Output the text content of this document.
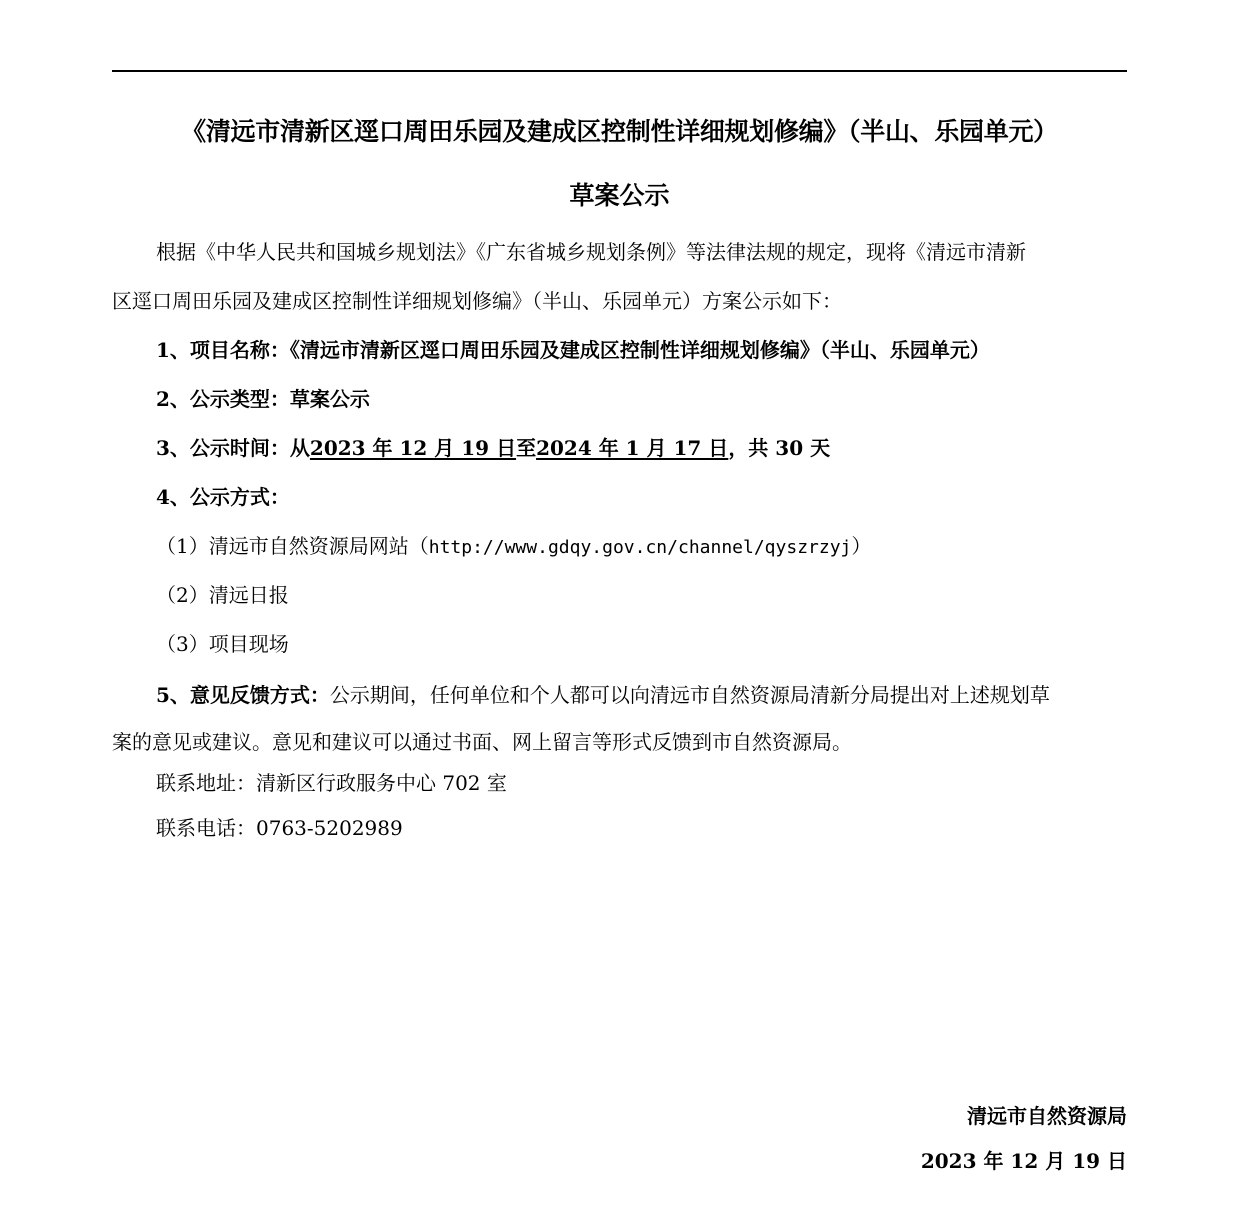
《清远市清新区逕口周田乐园及建成区控制性详细规划修编》（半山、乐园单元）
草案公示
根据《中华人民共和国城乡规划法》《广东省城乡规划条例》等法律法规的规定，现将《清远市清新
区逕口周田乐园及建成区控制性详细规划修编》（半山、乐园单元）方案公示如下：
1、项目名称：《清远市清新区逕口周田乐园及建成区控制性详细规划修编》（半山、乐园单元）
2、公示类型：草案公示
3、公示时间：从2023 年 12 月 19 日至2024 年 1 月 17 日，共 30 天
4、公示方式：
（1）清远市自然资源局网站（http://www.gdqy.gov.cn/channel/qyszrzyj）
（2）清远日报
（3）项目现场
5、意见反馈方式：公示期间，任何单位和个人都可以向清远市自然资源局清新分局提出对上述规划草
案的意见或建议。意见和建议可以通过书面、网上留言等形式反馈到市自然资源局。
联系地址：清新区行政服务中心 702 室
联系电话：0763-5202989
清远市自然资源局
2023 年 12 月 19 日
